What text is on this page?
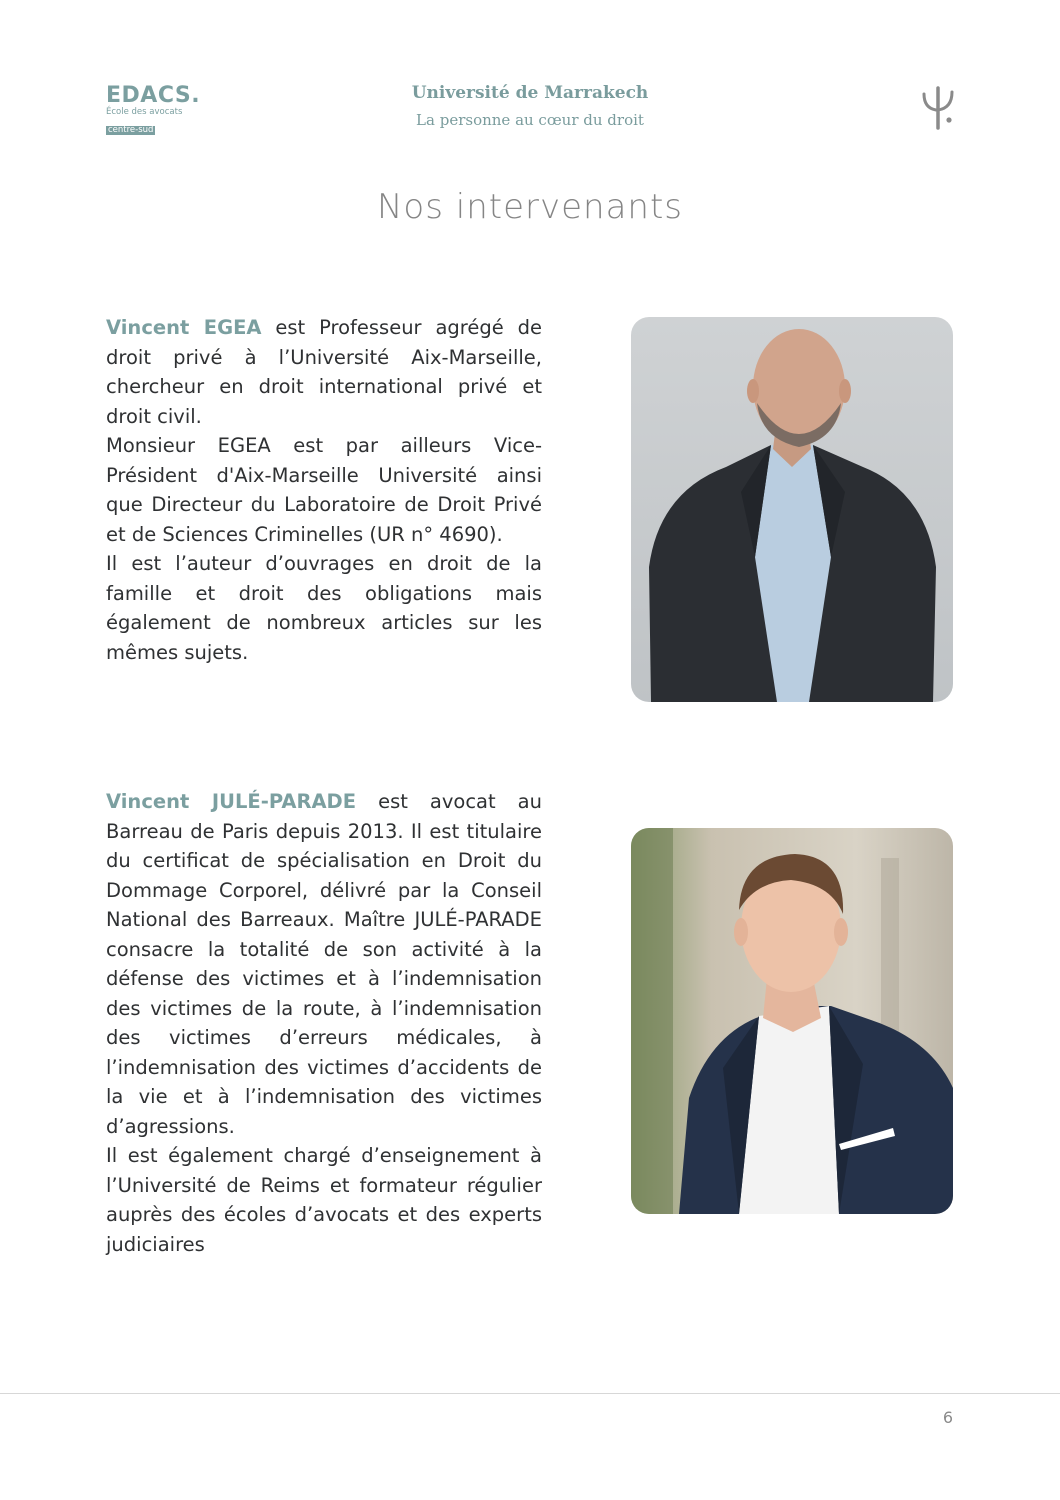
EDACS.
École des avocats
centre-sud
Université de Marrakech
La personne au cœur du droit
Nos intervenants

Vincent EGEA est Professeur agrégé de droit privé à l’Université Aix-Marseille, chercheur en droit international privé et droit civil.

Monsieur EGEA est par ailleurs Vice-Président d'Aix-Marseille Université ainsi que Directeur du Laboratoire de Droit Privé et de Sciences Criminelles (UR n° 4690).

Il est l’auteur d’ouvrages en droit de la famille et droit des obligations mais également de nombreux articles sur les mêmes sujets.

Vincent JULÉ-PARADE est avocat au Barreau de Paris depuis 2013. Il est titulaire du certificat de spécialisation en Droit du Dommage Corporel, délivré par la Conseil National des Barreaux. Maître JULÉ-PARADE consacre la totalité de son activité à la défense des victimes et à l’indemnisation des victimes de la route, à l’indemnisation des victimes d’erreurs médicales, à l’indemnisation des victimes d’accidents de la vie et à l’indemnisation des victimes d’agressions.

Il est également chargé d’enseignement à l’Université de Reims et formateur régulier auprès des écoles d’avocats et des experts judiciaires

6
